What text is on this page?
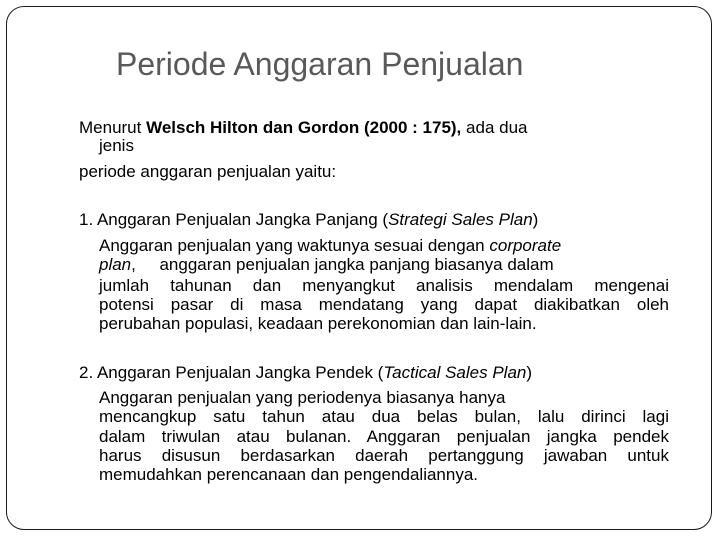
Periode Anggaran Penjualan
Menurut Welsch Hilton dan Gordon (2000 : 175), ada dua
jenis
periode anggaran penjualan yaitu:
1. Anggaran Penjualan Jangka Panjang (Strategi Sales Plan)
Anggaran penjualan yang waktunya sesuai dengan corporate
plan,     anggaran penjualan jangka panjang biasanya dalam
jumlah tahunan dan menyangkut analisis mendalam mengenai
potensi pasar di masa mendatang yang dapat diakibatkan oleh
perubahan populasi, keadaan perekonomian dan lain-lain.
2. Anggaran Penjualan Jangka Pendek (Tactical Sales Plan)
Anggaran penjualan yang periodenya biasanya hanya
mencangkup satu tahun atau dua belas bulan, lalu dirinci lagi
dalam triwulan atau bulanan. Anggaran penjualan jangka pendek
harus disusun berdasarkan daerah pertanggung jawaban untuk
memudahkan perencanaan dan pengendaliannya.
